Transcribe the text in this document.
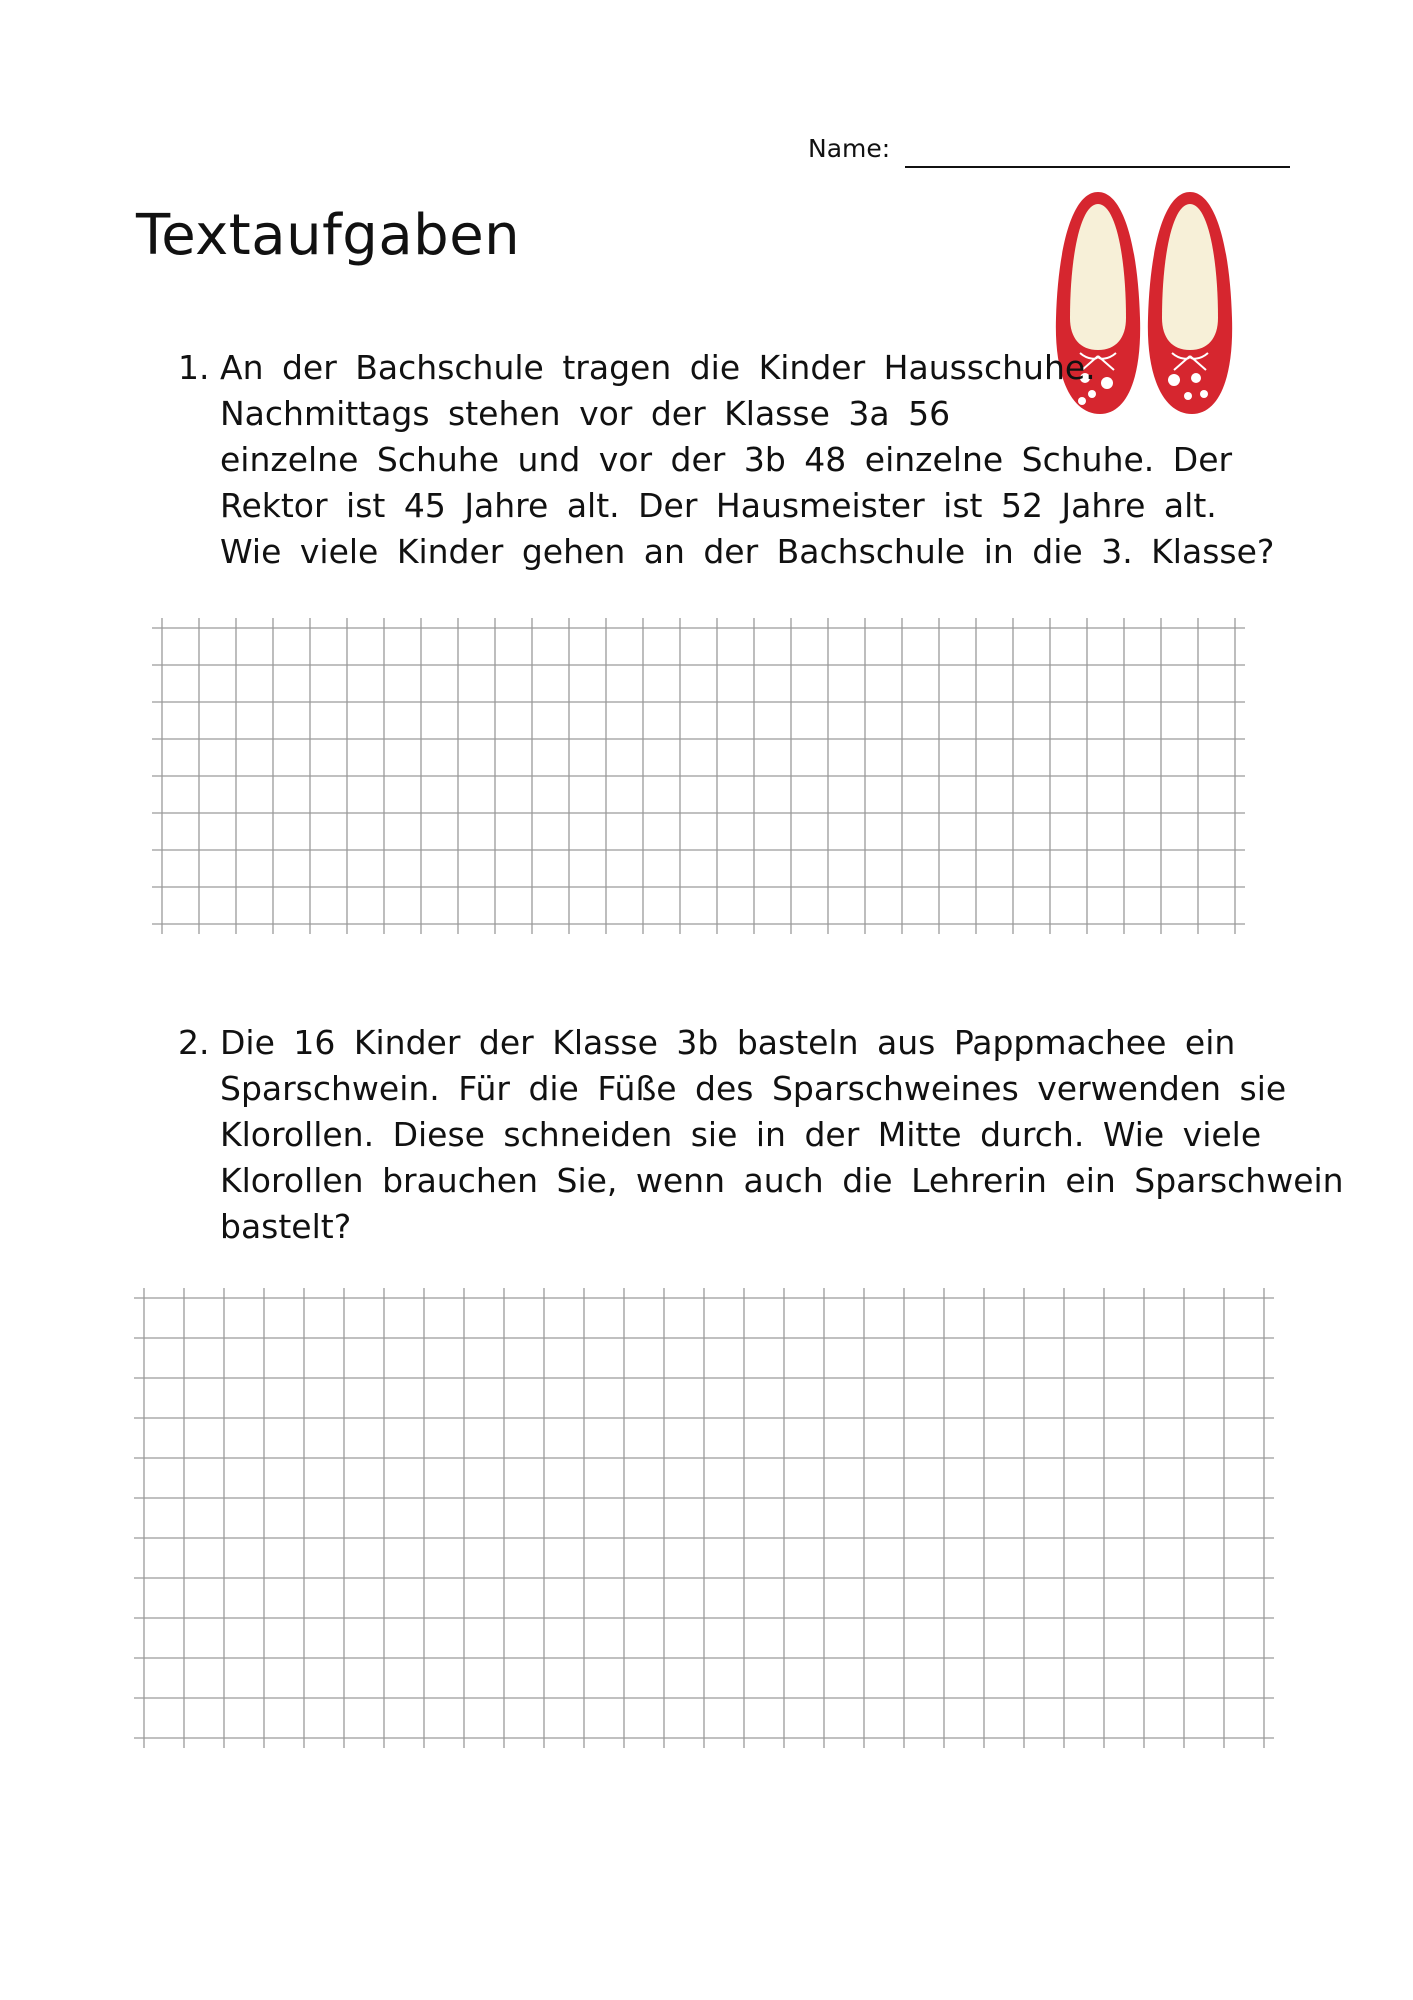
Name:
Textaufgaben
1. An der Bachschule tragen die Kinder Hausschuhe.
Nachmittags stehen vor der Klasse 3a 56
einzelne Schuhe und vor der 3b 48 einzelne Schuhe. Der
Rektor ist 45 Jahre alt. Der Hausmeister ist 52 Jahre alt.
Wie viele Kinder gehen an der Bachschule in die 3. Klasse?
2. Die 16 Kinder der Klasse 3b basteln aus Pappmachee ein
Sparschwein. Für die Füße des Sparschweines verwenden sie
Klorollen. Diese schneiden sie in der Mitte durch. Wie viele
Klorollen brauchen Sie, wenn auch die Lehrerin ein Sparschwein
bastelt?
